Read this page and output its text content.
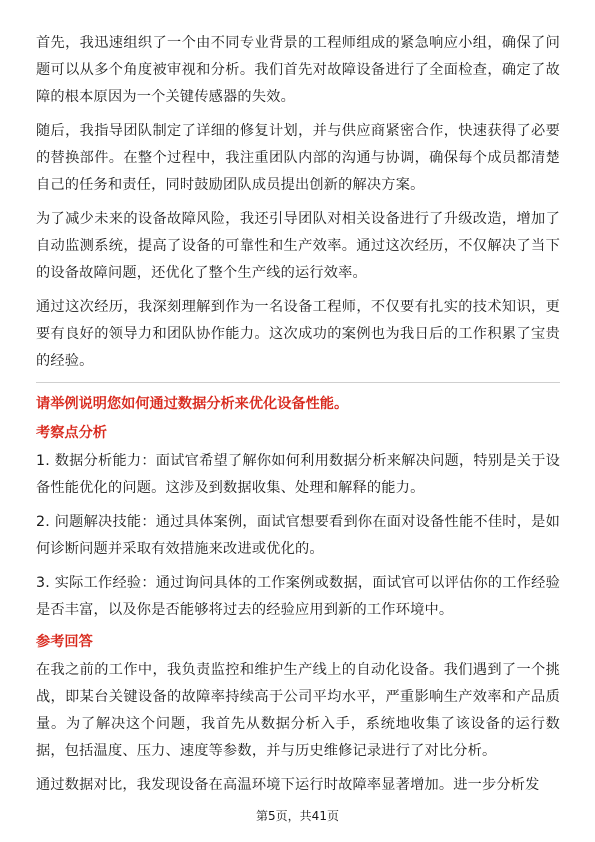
首先，我迅速组织了一个由不同专业背景的工程师组成的紧急响应小组，确保了问题可以从多个角度被审视和分析。我们首先对故障设备进行了全面检查，确定了故障的根本原因为一个关键传感器的失效。

随后，我指导团队制定了详细的修复计划，并与供应商紧密合作，快速获得了必要的替换部件。在整个过程中，我注重团队内部的沟通与协调，确保每个成员都清楚自己的任务和责任，同时鼓励团队成员提出创新的解决方案。

为了减少未来的设备故障风险，我还引导团队对相关设备进行了升级改造，增加了自动监测系统，提高了设备的可靠性和生产效率。通过这次经历，不仅解决了当下的设备故障问题，还优化了整个生产线的运行效率。

通过这次经历，我深刻理解到作为一名设备工程师，不仅要有扎实的技术知识，更要有良好的领导力和团队协作能力。这次成功的案例也为我日后的工作积累了宝贵的经验。

请举例说明您如何通过数据分析来优化设备性能。
考察点分析

1. 数据分析能力：面试官希望了解你如何利用数据分析来解决问题，特别是关于设备性能优化的问题。这涉及到数据收集、处理和解释的能力。

2. 问题解决技能：通过具体案例，面试官想要看到你在面对设备性能不佳时，是如何诊断问题并采取有效措施来改进或优化的。

3. 实际工作经验：通过询问具体的工作案例或数据，面试官可以评估你的工作经验是否丰富，以及你是否能够将过去的经验应用到新的工作环境中。

参考回答

在我之前的工作中，我负责监控和维护生产线上的自动化设备。我们遇到了一个挑战，即某台关键设备的故障率持续高于公司平均水平，严重影响生产效率和产品质量。为了解决这个问题，我首先从数据分析入手，系统地收集了该设备的运行数据，包括温度、压力、速度等参数，并与历史维修记录进行了对比分析。

通过数据对比，我发现设备在高温环境下运行时故障率显著增加。进一步分析发

第5页，共41页
